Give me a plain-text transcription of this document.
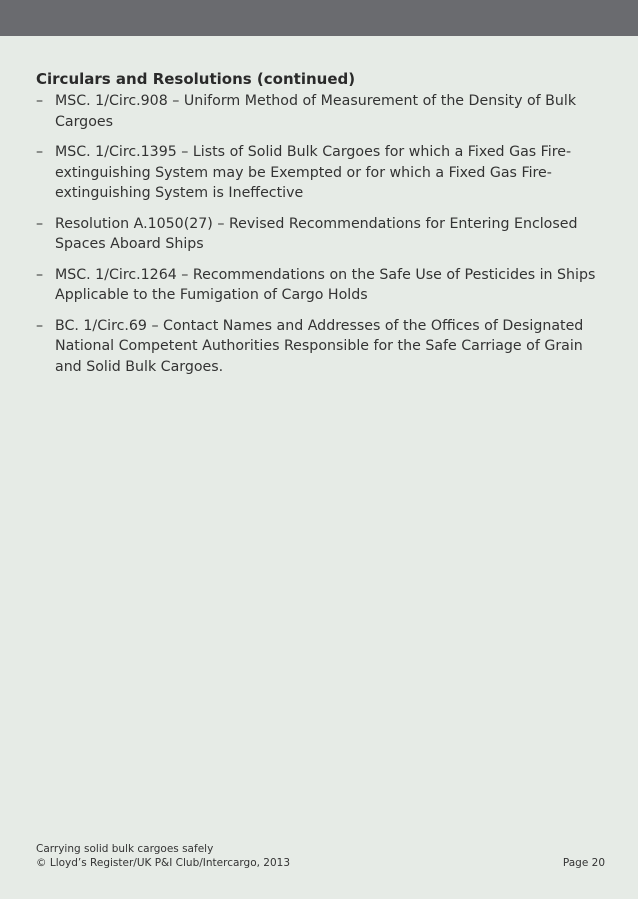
Circulars and Resolutions (continued)
– MSC. 1/Circ.908 – Uniform Method of Measurement of the Density of Bulk Cargoes
– MSC. 1/Circ.1395 – Lists of Solid Bulk Cargoes for which a Fixed Gas Fire-extinguishing System may be Exempted or for which a Fixed Gas Fire-extinguishing System is Ineffective
– Resolution A.1050(27) – Revised Recommendations for Entering Enclosed Spaces Aboard Ships
– MSC. 1/Circ.1264 – Recommendations on the Safe Use of Pesticides in Ships Applicable to the Fumigation of Cargo Holds
– BC. 1/Circ.69 – Contact Names and Addresses of the Offices of Designated National Competent Authorities Responsible for the Safe Carriage of Grain and Solid Bulk Cargoes.
Carrying solid bulk cargoes safely
© Lloyd’s Register/UK P&I Club/Intercargo, 2013	Page 20
